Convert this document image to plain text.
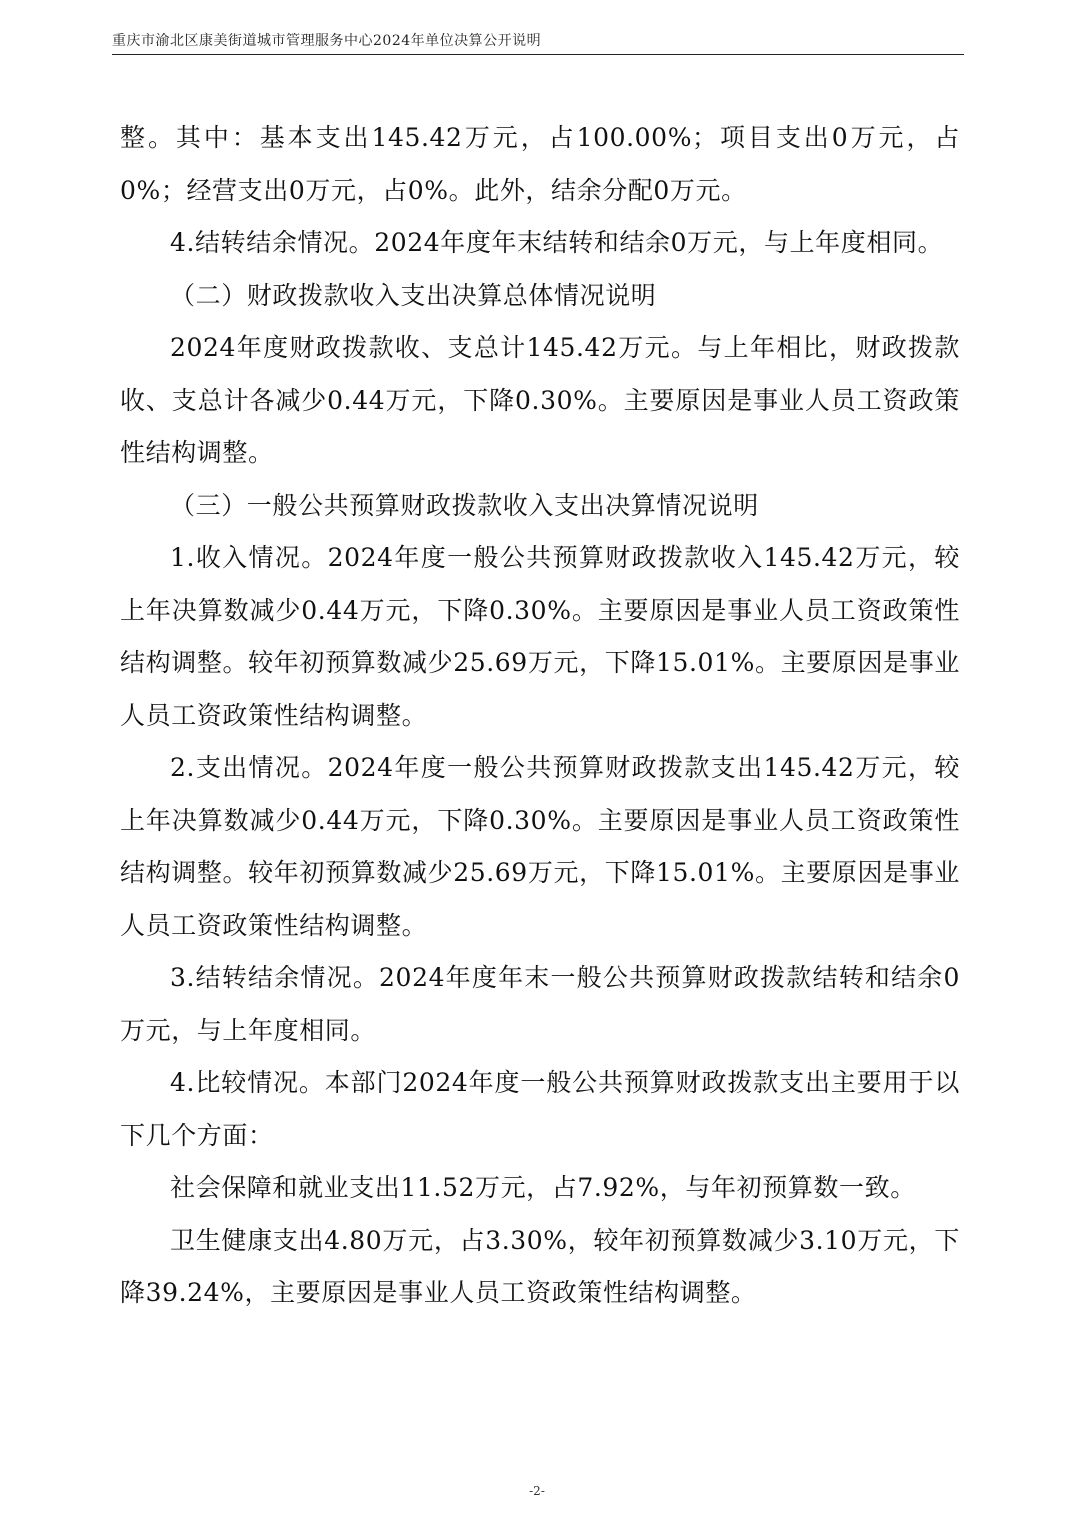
重庆市渝北区康美街道城市管理服务中心2024年单位决算公开说明

整。其中：基本支出145.42万元，占100.00%；项目支出0万元，占0%；经营支出0万元，占0%。此外，结余分配0万元。

4.结转结余情况。2024年度年末结转和结余0万元，与上年度相同。

（二）财政拨款收入支出决算总体情况说明

2024年度财政拨款收、支总计145.42万元。与上年相比，财政拨款收、支总计各减少0.44万元，下降0.30%。主要原因是事业人员工资政策性结构调整。

（三）一般公共预算财政拨款收入支出决算情况说明

1.收入情况。2024年度一般公共预算财政拨款收入145.42万元，较上年决算数减少0.44万元，下降0.30%。主要原因是事业人员工资政策性结构调整。较年初预算数减少25.69万元，下降15.01%。主要原因是事业人员工资政策性结构调整。

2.支出情况。2024年度一般公共预算财政拨款支出145.42万元，较上年决算数减少0.44万元，下降0.30%。主要原因是事业人员工资政策性结构调整。较年初预算数减少25.69万元，下降15.01%。主要原因是事业人员工资政策性结构调整。

3.结转结余情况。2024年度年末一般公共预算财政拨款结转和结余0万元，与上年度相同。

4.比较情况。本部门2024年度一般公共预算财政拨款支出主要用于以下几个方面：

社会保障和就业支出11.52万元，占7.92%，与年初预算数一致。

卫生健康支出4.80万元，占3.30%，较年初预算数减少3.10万元，下降39.24%，主要原因是事业人员工资政策性结构调整。

-2-
